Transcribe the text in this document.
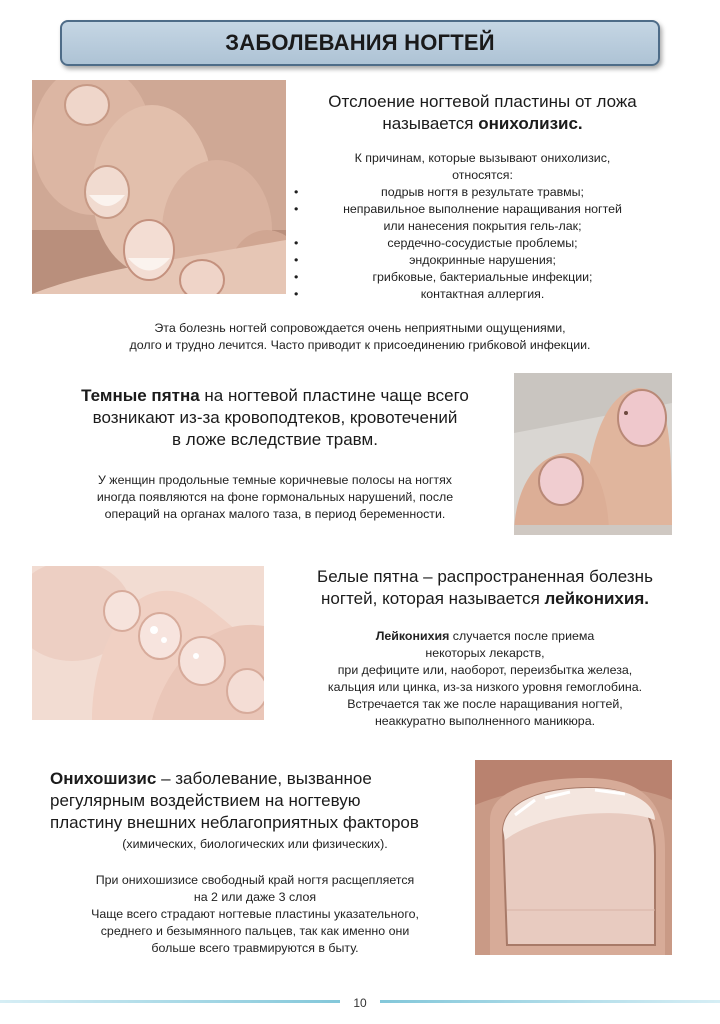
ЗАБОЛЕВАНИЯ НОГТЕЙ
Отслоение ногтевой пластины от ложа
называется онихолизис.
К причинам, которые вызывают онихолизис,
относятся:
•	подрыв ногтя в результате травмы;
•	неправильное выполнение наращивания ногтей
или нанесения покрытия гель-лак;
•	сердечно-сосудистые проблемы;
•	эндокринные нарушения;
•	грибковые, бактериальные инфекции;
•	контактная аллергия.
Эта болезнь ногтей сопровождается очень неприятными ощущениями,
долго и трудно лечится. Часто приводит к присоединению грибковой инфекции.
Темные пятна на ногтевой пластине чаще всего
возникают из-за кровоподтеков, кровотечений
в ложе вследствие травм.
У женщин продольные темные коричневые полосы на ногтях
иногда появляются на фоне гормональных нарушений, после
операций на органах малого таза, в период беременности.
Белые пятна – распространенная болезнь
ногтей, которая называется лейконихия.
Лейконихия случается после приема
некоторых лекарств,
при дефиците или, наоборот, переизбытка железа,
кальция или цинка, из-за низкого уровня гемоглобина.
Встречается так же после наращивания ногтей,
неаккуратно выполненного маникюра.
Онихошизис – заболевание, вызванное
регулярным воздействием на ногтевую
пластину внешних неблагоприятных факторов
(химических, биологических или физических).
При онихошизисе свободный край ногтя расщепляется
на 2 или даже 3 слоя
Чаще всего страдают ногтевые пластины указательного,
среднего и безымянного пальцев, так как именно они
больше всего травмируются в быту.
10
